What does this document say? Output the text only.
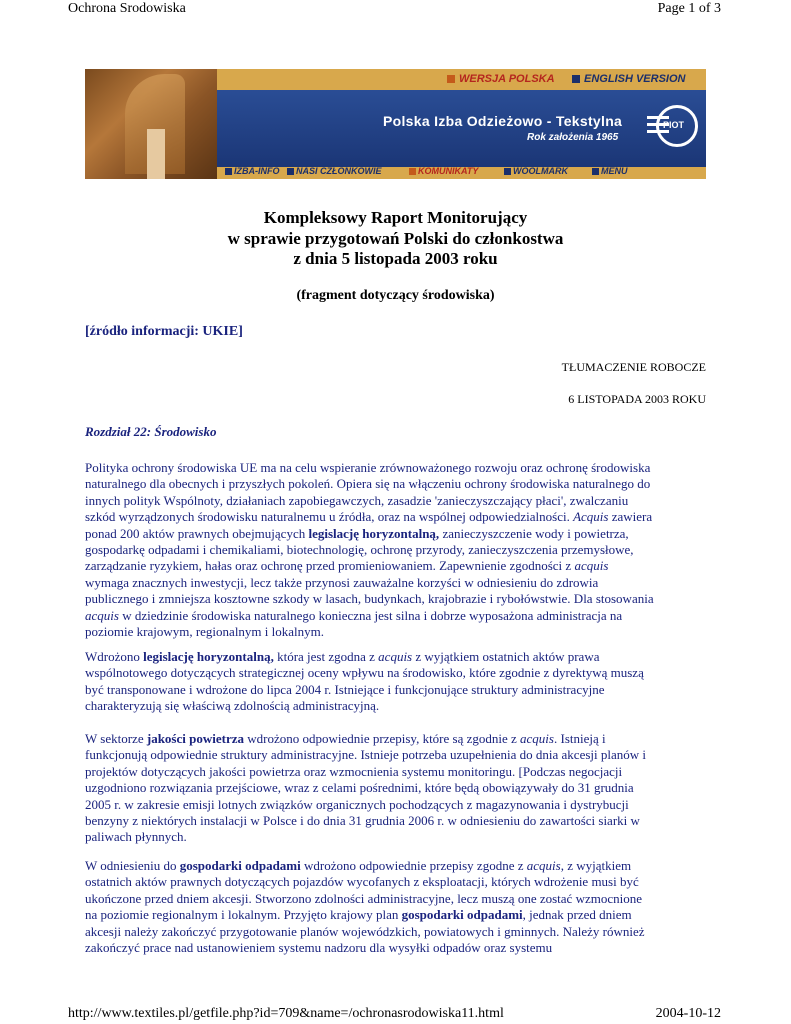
Ochrona Srodowiska	Page 1 of 3
WERSJA POLSKA	ENGLISH VERSION
Polska Izba Odzieżowo - Tekstylna
Rok założenia 1965
PIOT
IZBA-INFO	NASI CZŁONKOWIE	KOMUNIKATY	WOOLMARK	MENU
Kompleksowy Raport Monitorujący
w sprawie przygotowań Polski do członkostwa
z dnia 5 listopada 2003 roku
(fragment dotyczący środowiska)
[źródło informacji: UKIE]
TŁUMACZENIE ROBOCZE
6 LISTOPADA 2003 ROKU
Rozdział 22: Środowisko
Polityka ochrony środowiska UE ma na celu wspieranie zrównoważonego rozwoju oraz ochronę środowiska
naturalnego dla obecnych i przyszłych pokoleń. Opiera się na włączeniu ochrony środowiska naturalnego do
innych polityk Wspólnoty, działaniach zapobiegawczych, zasadzie 'zanieczyszczający płaci', zwalczaniu
szkód wyrządzonych środowisku naturalnemu u źródła, oraz na wspólnej odpowiedzialności. Acquis zawiera
ponad 200 aktów prawnych obejmujących legislację horyzontalną, zanieczyszczenie wody i powietrza,
gospodarkę odpadami i chemikaliami, biotechnologię, ochronę przyrody, zanieczyszczenia przemysłowe,
zarządzanie ryzykiem, hałas oraz ochronę przed promieniowaniem. Zapewnienie zgodności z acquis
wymaga znacznych inwestycji, lecz także przynosi zauważalne korzyści w odniesieniu do zdrowia
publicznego i zmniejsza kosztowne szkody w lasach, budynkach, krajobrazie i rybołówstwie. Dla stosowania
acquis w dziedzinie środowiska naturalnego konieczna jest silna i dobrze wyposażona administracja na
poziomie krajowym, regionalnym i lokalnym.
Wdrożono legislację horyzontalną, która jest zgodna z acquis z wyjątkiem ostatnich aktów prawa
wspólnotowego dotyczących strategicznej oceny wpływu na środowisko, które zgodnie z dyrektywą muszą
być transponowane i wdrożone do lipca 2004 r. Istniejące i funkcjonujące struktury administracyjne
charakteryzują się właściwą zdolnością administracyjną.
W sektorze jakości powietrza wdrożono odpowiednie przepisy, które są zgodnie z acquis. Istnieją i
funkcjonują odpowiednie struktury administracyjne. Istnieje potrzeba uzupełnienia do dnia akcesji planów i
projektów dotyczących jakości powietrza oraz wzmocnienia systemu monitoringu. [Podczas negocjacji
uzgodniono rozwiązania przejściowe, wraz z celami pośrednimi, które będą obowiązywały do 31 grudnia
2005 r. w zakresie emisji lotnych związków organicznych pochodzących z magazynowania i dystrybucji
benzyny z niektórych instalacji w Polsce i do dnia 31 grudnia 2006 r. w odniesieniu do zawartości siarki w
paliwach płynnych.
W odniesieniu do gospodarki odpadami wdrożono odpowiednie przepisy zgodne z acquis, z wyjątkiem
ostatnich aktów prawnych dotyczących pojazdów wycofanych z eksploatacji, których wdrożenie musi być
ukończone przed dniem akcesji. Stworzono zdolności administracyjne, lecz muszą one zostać wzmocnione
na poziomie regionalnym i lokalnym. Przyjęto krajowy plan gospodarki odpadami, jednak przed dniem
akcesji należy zakończyć przygotowanie planów wojewódzkich, powiatowych i gminnych. Należy również
zakończyć prace nad ustanowieniem systemu nadzoru dla wysyłki odpadów oraz systemu
http://www.textiles.pl/getfile.php?id=709&name=/ochronasrodowiska11.html	2004-10-12
